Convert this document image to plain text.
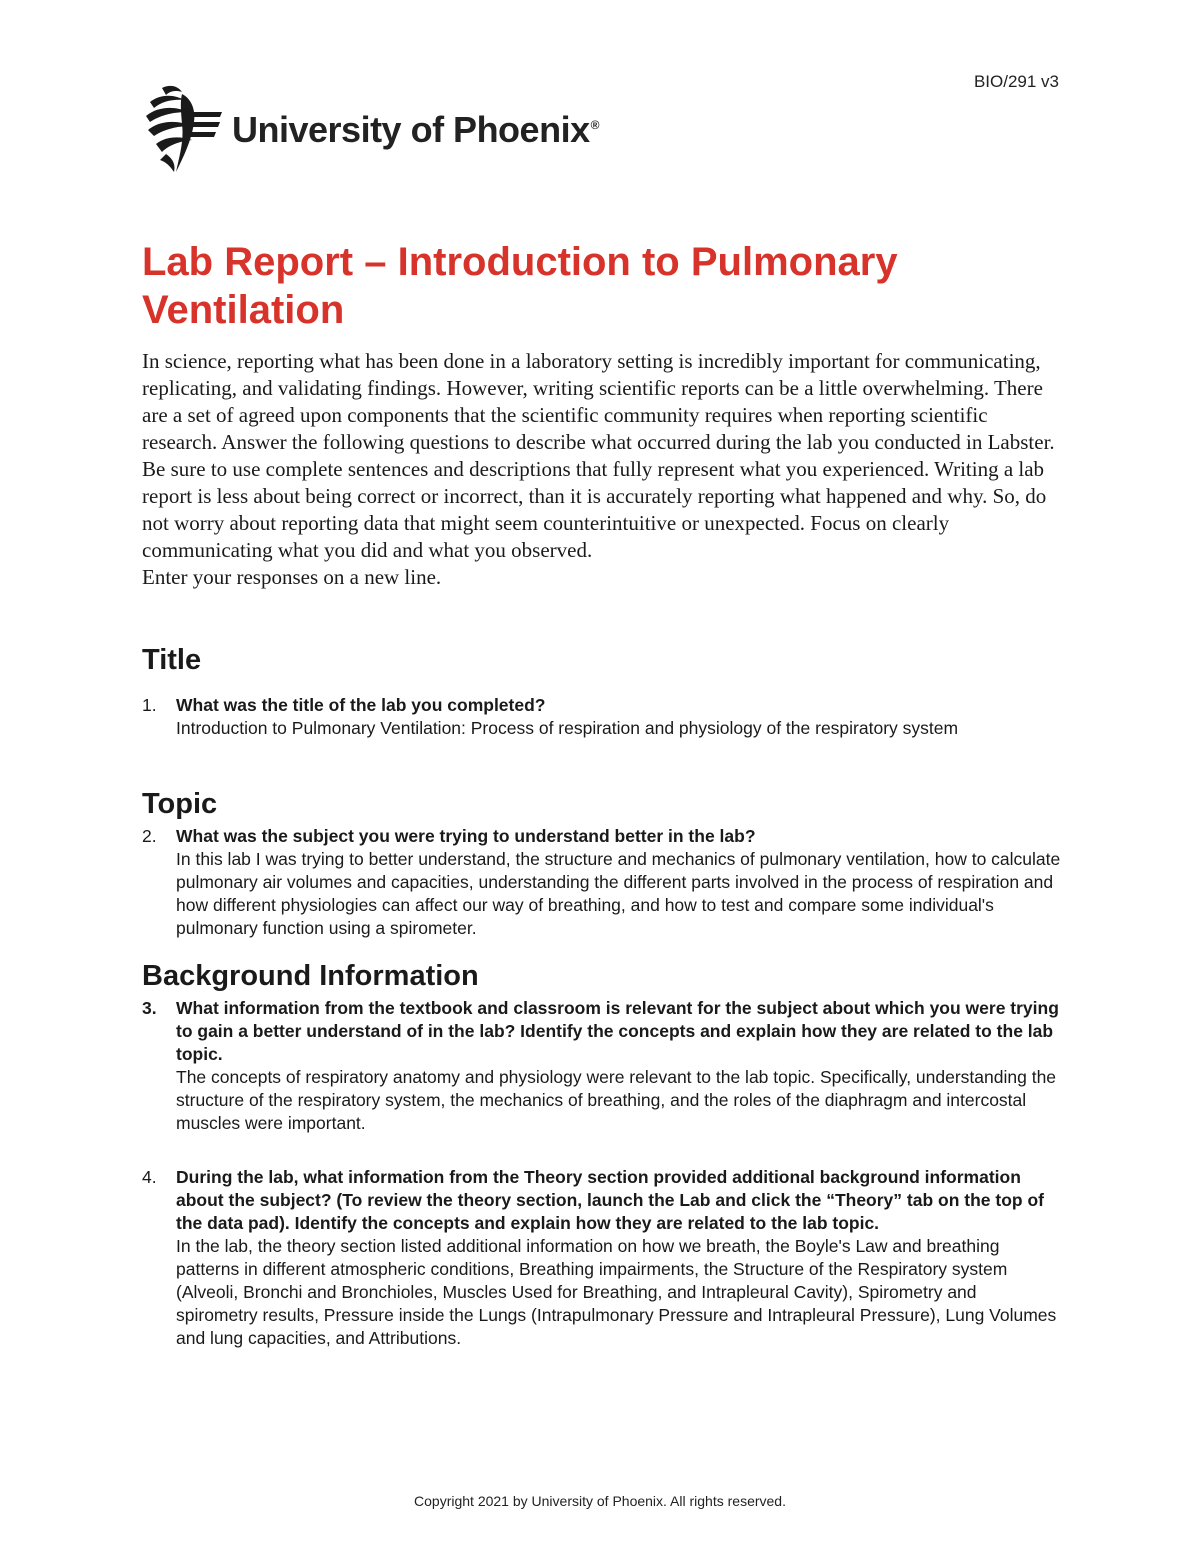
BIO/291 v3
University of Phoenix®
Lab Report – Introduction to Pulmonary Ventilation
In science, reporting what has been done in a laboratory setting is incredibly important for communicating, replicating, and validating findings. However, writing scientific reports can be a little overwhelming. There are a set of agreed upon components that the scientific community requires when reporting scientific research. Answer the following questions to describe what occurred during the lab you conducted in Labster. Be sure to use complete sentences and descriptions that fully represent what you experienced. Writing a lab report is less about being correct or incorrect, than it is accurately reporting what happened and why. So, do not worry about reporting data that might seem counterintuitive or unexpected. Focus on clearly communicating what you did and what you observed.
Enter your responses on a new line.
Title
1.	What was the title of the lab you completed?
Introduction to Pulmonary Ventilation: Process of respiration and physiology of the respiratory system
Topic
2.	What was the subject you were trying to understand better in the lab?
In this lab I was trying to better understand, the structure and mechanics of pulmonary ventilation, how to calculate pulmonary air volumes and capacities, understanding the different parts involved in the process of respiration and how different physiologies can affect our way of breathing, and how to test and compare some individual's pulmonary function using a spirometer.
Background Information
3.	What information from the textbook and classroom is relevant for the subject about which you were trying to gain a better understand of in the lab? Identify the concepts and explain how they are related to the lab topic.
The concepts of respiratory anatomy and physiology were relevant to the lab topic. Specifically, understanding the structure of the respiratory system, the mechanics of breathing, and the roles of the diaphragm and intercostal muscles were important.
4.	During the lab, what information from the Theory section provided additional background information about the subject? (To review the theory section, launch the Lab and click the “Theory” tab on the top of the data pad). Identify the concepts and explain how they are related to the lab topic.
In the lab, the theory section listed additional information on how we breath, the Boyle's Law and breathing patterns in different atmospheric conditions, Breathing impairments, the Structure of the Respiratory system (Alveoli, Bronchi and Bronchioles, Muscles Used for Breathing, and Intrapleural Cavity), Spirometry and spirometry results, Pressure inside the Lungs (Intrapulmonary Pressure and Intrapleural Pressure), Lung Volumes and lung capacities, and Attributions.
Copyright 2021 by University of Phoenix. All rights reserved.
